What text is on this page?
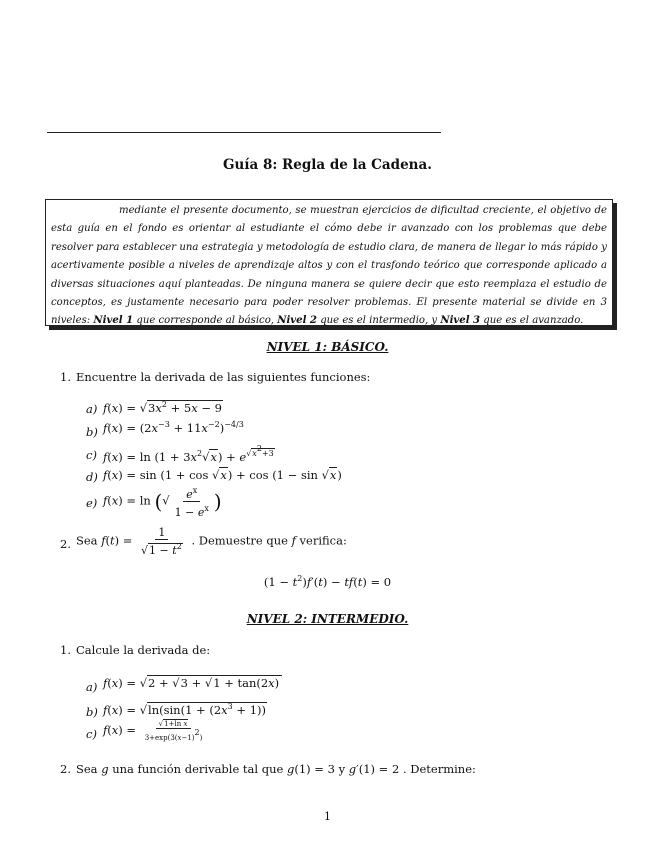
Guía 8: Regla de la Cadena.

mediante el presente documento, se muestran ejercicios de dificultad creciente, el objetivo de esta guía en el fondo es orientar al estudiante el cómo debe ir avanzado con los problemas que debe resolver para establecer una estrategia y metodología de estudio clara, de manera de llegar lo más rápido y acertivamente posible a niveles de aprendizaje altos y con el trasfondo teórico que corresponde aplicado a diversas situaciones aquí planteadas. De ninguna manera se quiere decir que esto reemplaza el estudio de conceptos, es justamente necesario para poder resolver problemas. El presente material se divide en 3 niveles: Nivel 1 que corresponde al básico, Nivel 2 que es el intermedio, y Nivel 3 que es el avanzado.

NIVEL 1: BÁSICO.
1. Encuentre la derivada de las siguientes funciones:
a) $f(x) = √3x^2 + 5x - 9$
b) $f(x) = (2x^{-3} + 11x^{-2})^{-4/3}$
c) $f(x) = \ln (1 + 3x^2√x) + e^{√x^2+3}$
d) f(x) = sin (1 + cos √x) + cos (1 − sin √x)
e) f(x) = ln (√ $\frac{e^x}{1 - e^x}$ )
2. Sea $f(t) = \frac{1}{√1 - t^2}$ . Demuestre que f verifica:
$(1 - t^2)f'(t) - tf(t) = 0$
NIVEL 2: INTERMEDIO.
1. Calcule la derivada de:
a) f(x) = √2 + √3 + √1 + tan(2x)
b) $f(x) = √\ln(\sin(1 + (2x^3 + 1))$
c) $f(x) = \frac{\text{√1+ln x}}{3+\exp(3(x-1)^2)}$
2. Sea g una función derivable tal que g(1) = 3 y g′(1) = 2 . Determine:
1
